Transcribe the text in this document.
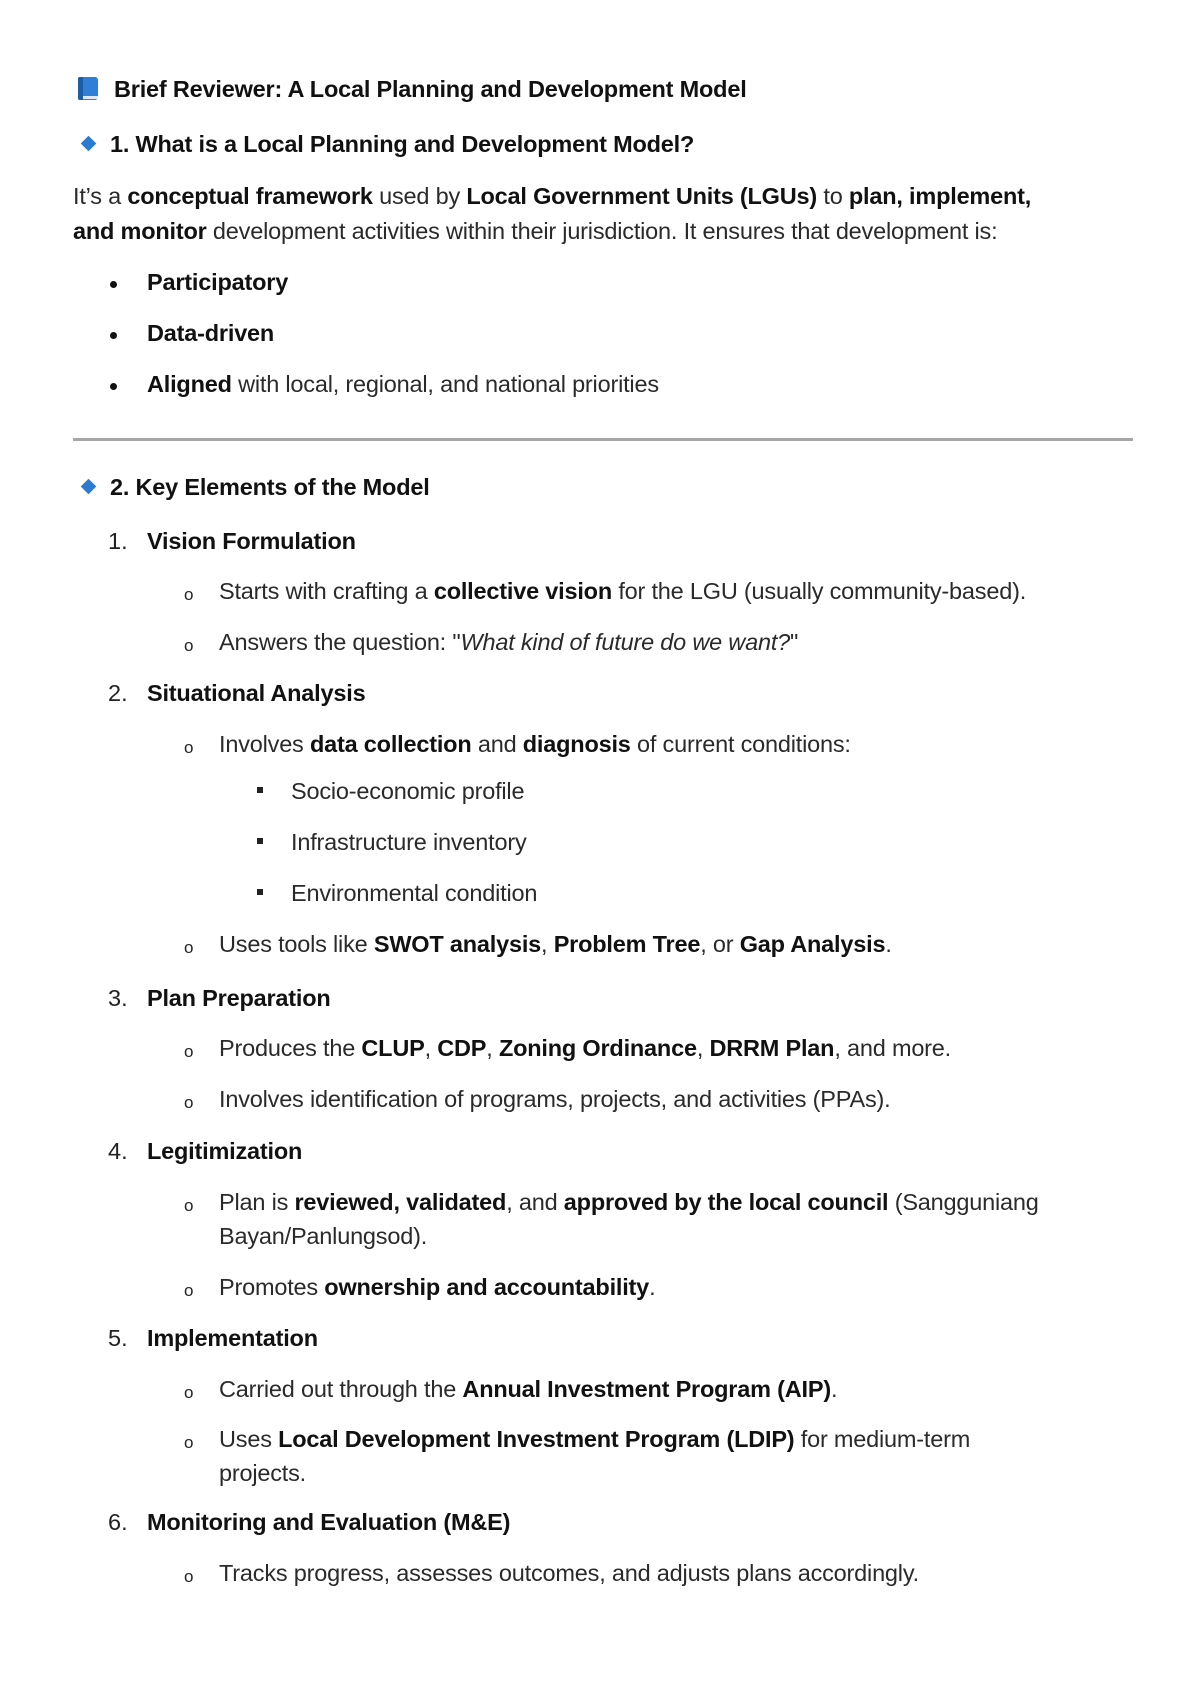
Brief Reviewer: A Local Planning and Development Model
1. What is a Local Planning and Development Model?
It’s a conceptual framework used by Local Government Units (LGUs) to plan, implement,
and monitor development activities within their jurisdiction. It ensures that development is:
Participatory
Data-driven
Aligned with local, regional, and national priorities
2. Key Elements of the Model
1. Vision Formulation
o Starts with crafting a collective vision for the LGU (usually community-based).
o Answers the question: "What kind of future do we want?"
2. Situational Analysis
o Involves data collection and diagnosis of current conditions:
Socio-economic profile
Infrastructure inventory
Environmental condition
o Uses tools like SWOT analysis, Problem Tree, or Gap Analysis.
3. Plan Preparation
o Produces the CLUP, CDP, Zoning Ordinance, DRRM Plan, and more.
o Involves identification of programs, projects, and activities (PPAs).
4. Legitimization
o Plan is reviewed, validated, and approved by the local council (Sangguniang
Bayan/Panlungsod).
o Promotes ownership and accountability.
5. Implementation
o Carried out through the Annual Investment Program (AIP).
o Uses Local Development Investment Program (LDIP) for medium-term
projects.
6. Monitoring and Evaluation (M&E)
o Tracks progress, assesses outcomes, and adjusts plans accordingly.
